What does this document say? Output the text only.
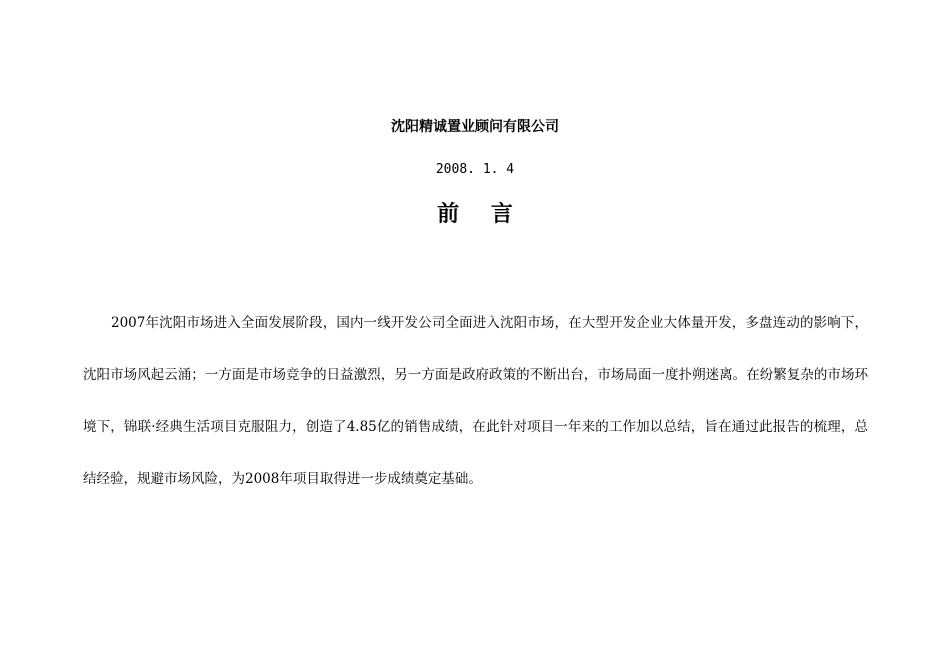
沈阳精诚置业顾问有限公司
2008. 1. 4
前 言

2007年沈阳市场进入全面发展阶段，国内一线开发公司全面进入沈阳市场，在大型开发企业大体量开发，多盘连动的影响下，沈阳市场风起云涌；一方面是市场竞争的日益激烈，另一方面是政府政策的不断出台，市场局面一度扑朔迷离。在纷繁复杂的市场环境下，锦联·经典生活项目克服阻力，创造了4.85亿的销售成绩，在此针对项目一年来的工作加以总结，旨在通过此报告的梳理，总结经验，规避市场风险，为2008年项目取得进一步成绩奠定基础。
